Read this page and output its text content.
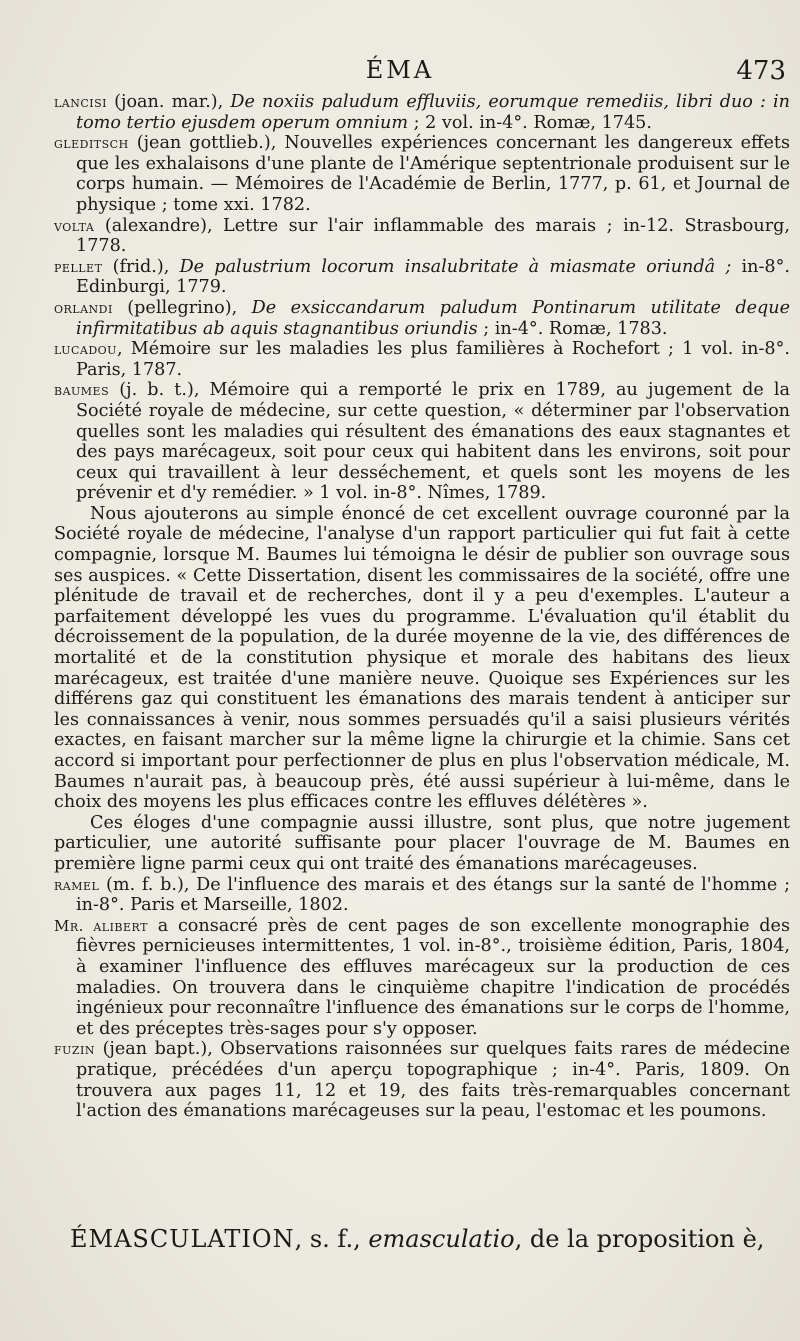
ÉMA	473

lancisi (joan. mar.), De noxiis paludum effluviis, eorumque remediis, libri duo : in tomo tertio ejusdem operum omnium ; 2 vol. in-4°. Romæ, 1745.

gleditsch (jean gottlieb.), Nouvelles expériences concernant les dangereux effets que les exhalaisons d'une plante de l'Amérique septentrionale produisent sur le corps humain. — Mémoires de l'Académie de Berlin, 1777, p. 61, et Journal de physique ; tome xxi. 1782.

volta (alexandre), Lettre sur l'air inflammable des marais ; in-12. Strasbourg, 1778.

pellet (frid.), De palustrium locorum insalubritate à miasmate oriundâ ; in-8°. Edinburgi, 1779.

orlandi (pellegrino), De exsiccandarum paludum Pontinarum utilitate deque infirmitatibus ab aquis stagnantibus oriundis ; in-4°. Romæ, 1783.

lucadou, Mémoire sur les maladies les plus familières à Rochefort ; 1 vol. in-8°. Paris, 1787.

baumes (j. b. t.), Mémoire qui a remporté le prix en 1789, au jugement de la Société royale de médecine, sur cette question, « déterminer par l'observation quelles sont les maladies qui résultent des émanations des eaux stagnantes et des pays marécageux, soit pour ceux qui habitent dans les environs, soit pour ceux qui travaillent à leur desséchement, et quels sont les moyens de les prévenir et d'y remédier. » 1 vol. in-8°. Nîmes, 1789.

Nous ajouterons au simple énoncé de cet excellent ouvrage couronné par la Société royale de médecine, l'analyse d'un rapport particulier qui fut fait à cette compagnie, lorsque M. Baumes lui témoigna le désir de publier son ouvrage sous ses auspices. « Cette Dissertation, disent les commissaires de la société, offre une plénitude de travail et de recherches, dont il y a peu d'exemples. L'auteur a parfaitement développé les vues du programme. L'évaluation qu'il établit du décroissement de la population, de la durée moyenne de la vie, des différences de mortalité et de la constitution physique et morale des habitans des lieux marécageux, est traitée d'une manière neuve. Quoique ses Expériences sur les différens gaz qui constituent les émanations des marais tendent à anticiper sur les connaissances à venir, nous sommes persuadés qu'il a saisi plusieurs vérités exactes, en faisant marcher sur la même ligne la chirurgie et la chimie. Sans cet accord si important pour perfectionner de plus en plus l'observation médicale, M. Baumes n'aurait pas, à beaucoup près, été aussi supérieur à lui-même, dans le choix des moyens les plus efficaces contre les effluves délétères ».

Ces éloges d'une compagnie aussi illustre, sont plus, que notre jugement particulier, une autorité suffisante pour placer l'ouvrage de M. Baumes en première ligne parmi ceux qui ont traité des émanations marécageuses.

ramel (m. f. b.), De l'influence des marais et des étangs sur la santé de l'homme ; in-8°. Paris et Marseille, 1802.

Mr. alibert a consacré près de cent pages de son excellente monographie des fièvres pernicieuses intermittentes, 1 vol. in-8°., troisième édition, Paris, 1804, à examiner l'influence des effluves marécageux sur la production de ces maladies. On trouvera dans le cinquième chapitre l'indication de procédés ingénieux pour reconnaître l'influence des émanations sur le corps de l'homme, et des préceptes très-sages pour s'y opposer.

fuzin (jean bapt.), Observations raisonnées sur quelques faits rares de médecine pratique, précédées d'un aperçu topographique ; in-4°. Paris, 1809. On trouvera aux pages 11, 12 et 19, des faits très-remarquables concernant l'action des émanations marécageuses sur la peau, l'estomac et les poumons.

ÉMASCULATION, s. f., emasculatio, de la proposition è,
